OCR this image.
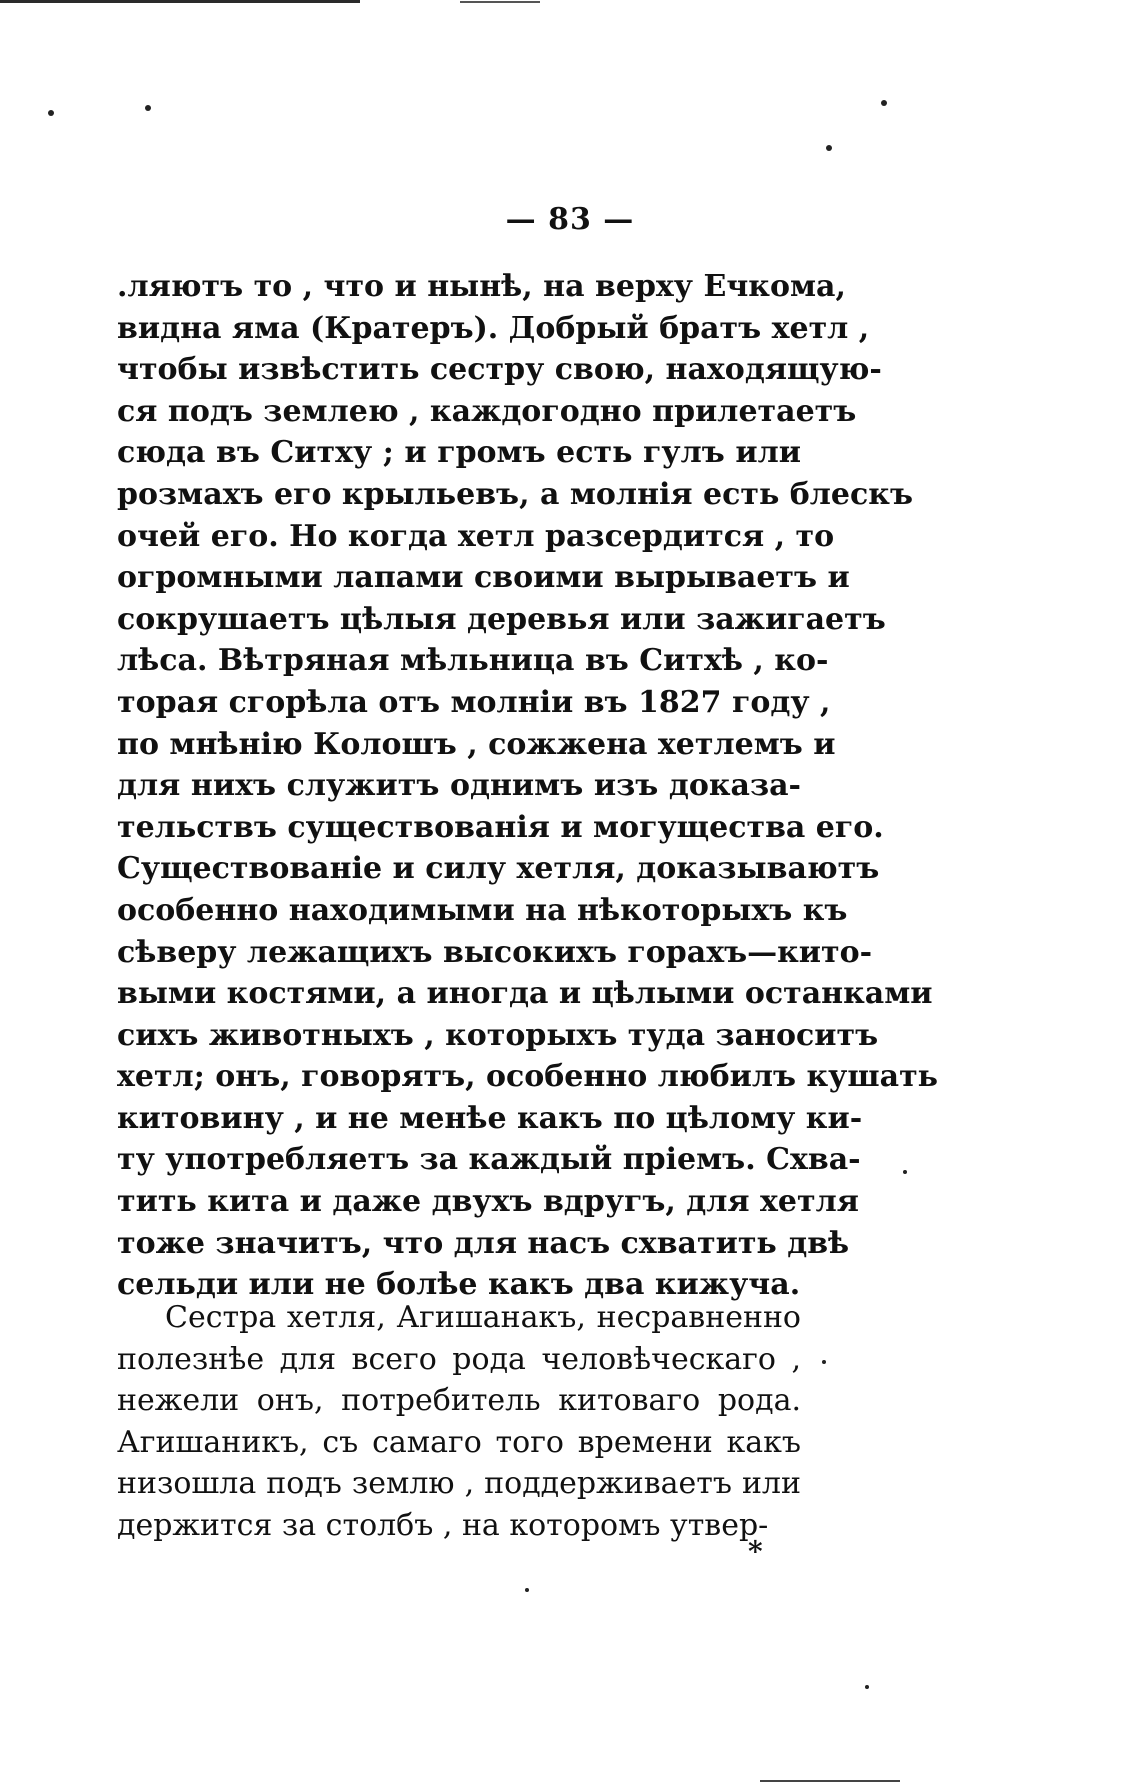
— 83 —
.ляютъ то , что и нынѣ, на верху Ечкома,
видна яма (Кратеръ). Добрый братъ хетл ,
чтобы извѣстить сестру свою, находящую-
ся подъ землею , каждогодно прилетаетъ
сюда въ Ситху ; и громъ есть гулъ или
розмахъ его крыльевъ, а молнія есть блескъ
очей его. Но когда хетл разсердится , то
огромными лапами своими вырываетъ и
сокрушаетъ цѣлыя деревья или зажигаетъ
лѣса. Вѣтряная мѣльница въ Ситхѣ , ко-
торая сгорѣла отъ молніи въ 1827 году ,
по мнѣнію Колошъ , сожжена хетлемъ и
для нихъ служитъ однимъ изъ доказа-
тельствъ существованія и могущества его.
Существованіе и силу хетля, доказываютъ
особенно находимыми на нѣкоторыхъ къ
сѣверу лежащихъ высокихъ горахъ—кито-
выми костями, а иногда и цѣлыми останками
сихъ животныхъ , которыхъ туда заноситъ
хетл; онъ, говорятъ, особенно любилъ кушать
китовину , и не менѣе какъ по цѣлому ки-
ту употребляетъ за каждый пріемъ. Схва-
тить кита и даже двухъ вдругъ, для хетля
тоже значитъ, что для насъ схватить двѣ
сельди или не болѣе какъ два кижуча.
Сестра хетля, Агишанакъ, несравненно
полезнѣе для всего рода человѣческаго ,
нежели онъ, потребитель китоваго рода.
Агишаникъ, съ самаго того времени какъ
низошла подъ землю , поддерживаетъ или
держится за столбъ , на которомъ утвер-
*
